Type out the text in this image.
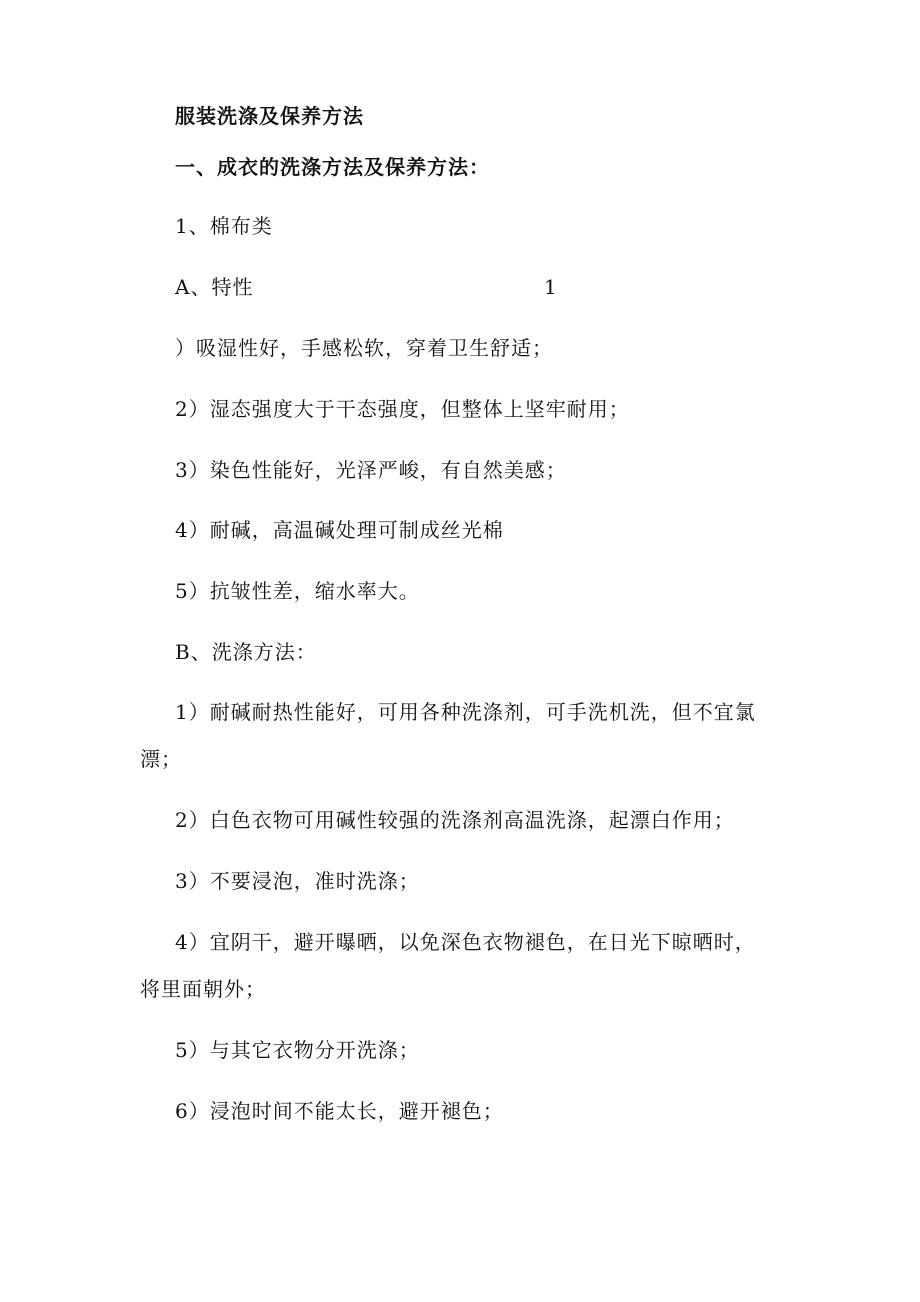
服装洗涤及保养方法
一、成衣的洗涤方法及保养方法：
1、棉布类
A、特性	1
）吸湿性好，手感松软，穿着卫生舒适；
2）湿态强度大于干态强度，但整体上坚牢耐用；
3）染色性能好，光泽严峻，有自然美感；
4）耐碱，高温碱处理可制成丝光棉
5）抗皱性差，缩水率大。
B、洗涤方法：
1）耐碱耐热性能好，可用各种洗涤剂，可手洗机洗，但不宜氯
漂；
2）白色衣物可用碱性较强的洗涤剂高温洗涤，起漂白作用；
3）不要浸泡，准时洗涤；
4）宜阴干，避开曝晒，以免深色衣物褪色，在日光下晾晒时，
将里面朝外；
5）与其它衣物分开洗涤；
6）浸泡时间不能太长，避开褪色；
